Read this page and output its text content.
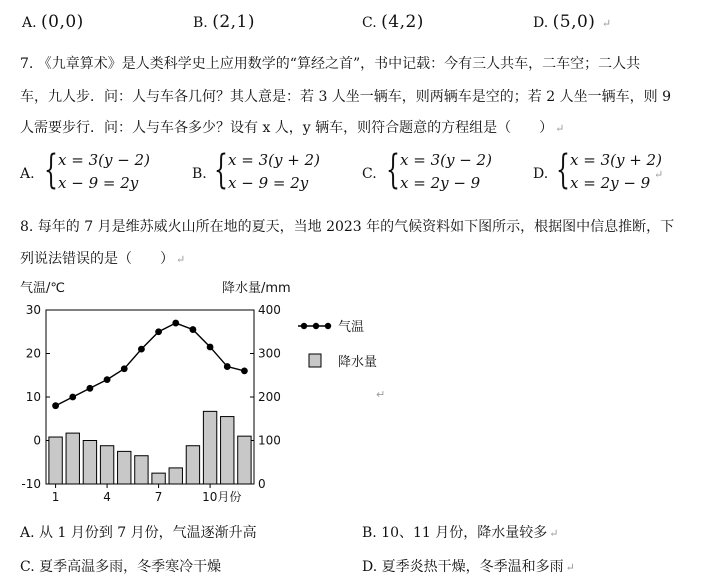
A. (0,0)	B. (2,1)	C. (4,2)	D. (5,0) ↵
7. 《九章算术》是人类科学史上应用数学的“算经之首”，书中记载：今有三人共车，二车空；二人共
车，九人步．问：人与车各几何？其人意是：若 3 人坐一辆车，则两辆车是空的；若 2 人坐一辆车，则 9
人需要步行．问：人与车各多少？设有 x 人，y 辆车，则符合题意的方程组是（　　） ↵
A. { x = 3(y − 2)
x − 9 = 2y	B. { x = 3(y + 2)
x − 9 = 2y	C. { x = 3(y − 2)
x = 2y − 9	D. { x = 3(y + 2)
x = 2y − 9 ↵
8. 每年的 7 月是维苏威火山所在地的夏天，当地 2023 年的气候资料如下图所示，根据图中信息推断，下
列说法错误的是（　　） ↵
气温/℃	降水量/mm
30
20
10
0
-10
400
300
200
100
0
1	4	7	10月份
气温
降水量
↵
A. 从 1 月份到 7 月份，气温逐渐升高	B. 10、11 月份，降水量较多 ↵
C. 夏季高温多雨，冬季寒冷干燥	D. 夏季炎热干燥，冬季温和多雨 ↵
